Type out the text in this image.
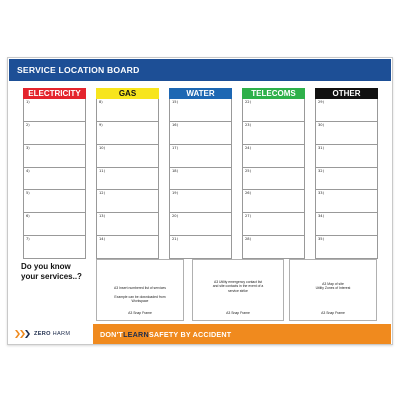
SERVICE LOCATION BOARD
ELECTRICITY
1)
2)
3)
4)
5)
6)
7)
GAS
8)
9)
10)
11)
12)
13)
14)
WATER
15)
16)
17)
18)
19)
20)
21)
TELECOMS
22)
23)
24)
25)
26)
27)
28)
OTHER
29)
30)
31)
32)
33)
34)
35)
Do you know
your services..?
A3 Insert numbered list of services
Example can be downloaded from
Workspace
A3 Snap Frame
A3 Utility emergency contact list
and site contacts in the event of a
service strike
A3 Snap Frame
A3 Map of site
Utility Zones of Interest
A3 Snap Frame
ZERO HARM	DON'T LEARN SAFETY BY ACCIDENT
